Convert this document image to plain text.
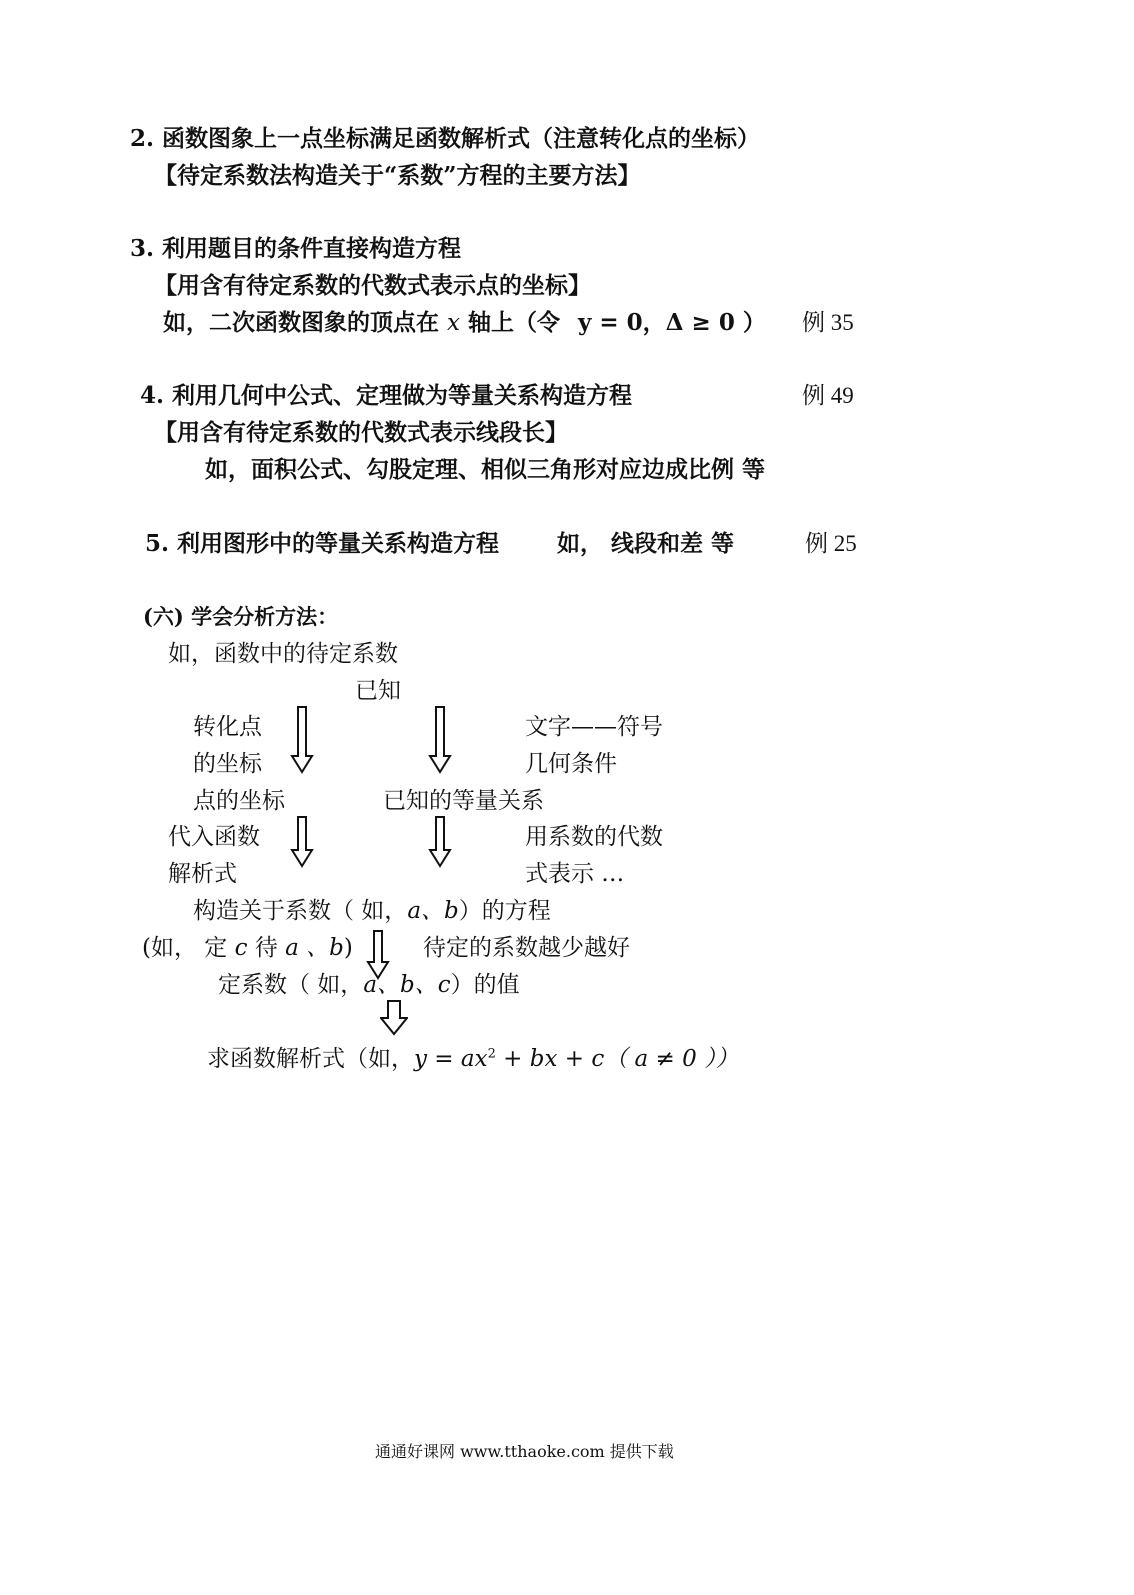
2. 函数图象上一点坐标满足函数解析式（注意转化点的坐标）
【待定系数法构造关于“系数”方程的主要方法】
3. 利用题目的条件直接构造方程
【用含有待定系数的代数式表示点的坐标】
如，二次函数图象的顶点在 x 轴上（令 y = 0，Δ ≥ 0 ） 例 35
4. 利用几何中公式、定理做为等量关系构造方程	例 49
【用含有待定系数的代数式表示线段长】
如，面积公式、勾股定理、相似三角形对应边成比例 等
5. 利用图形中的等量关系构造方程	如， 线段和差 等	例 25
(六) 学会分析方法：
如，函数中的待定系数
已知
转化点
的坐标
文字——符号
几何条件
点的坐标	已知的等量关系
代入函数
解析式
用系数的代数
式表示 …
构造关于系数（ 如，a、b）的方程
(如， 定 c 待 a 、b)	待定的系数越少越好
定系数（ 如，a、b、c）的值
求函数解析式（如，$y = ax^2$ + bx + c（ a ≠ 0 ））
通通好课网 www.tthaoke.com 提供下载
